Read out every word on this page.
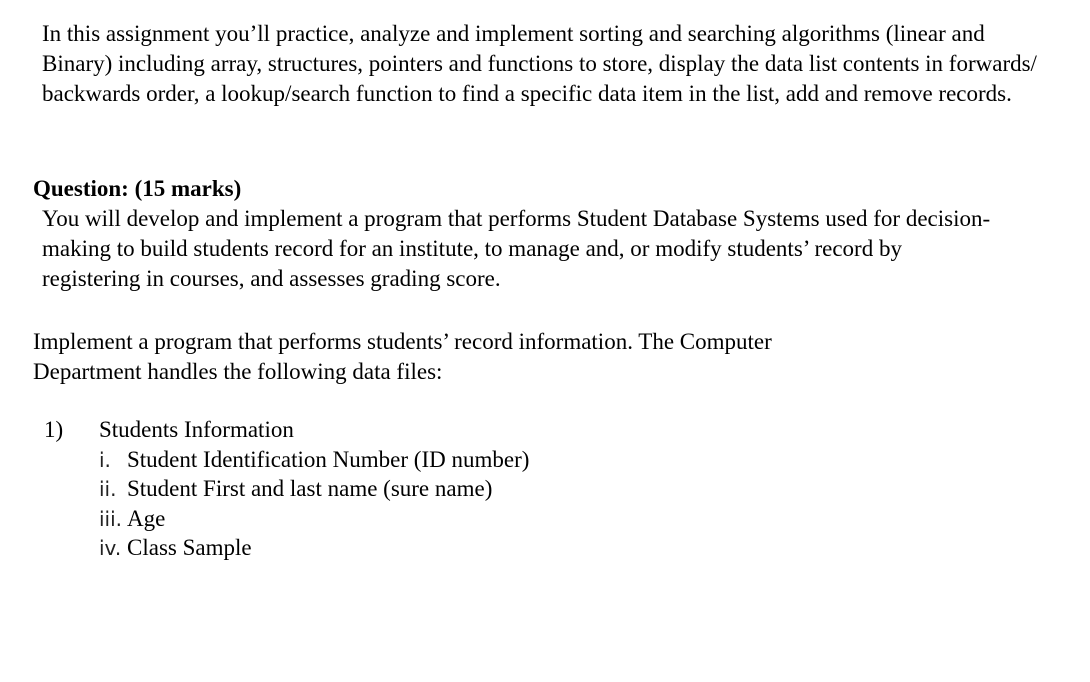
In this assignment you’ll practice, analyze and implement sorting and searching algorithms (linear and Binary) including array, structures, pointers and functions to store, display the data list contents in forwards/ backwards order, a lookup/search function to find a specific data item in the list, add and remove records.

Question: (15 marks)

You will develop and implement a program that performs Student Database Systems used for decision-making to build students record for an institute, to manage and, or modify students’ record by registering in courses, and assesses grading score.

Implement a program that performs students’ record information. The Computer
Department handles the following data files:

1) Students Information
i. Student Identification Number (ID number)
ii. Student First and last name (sure name)
iii. Age
iv. Class Sample
